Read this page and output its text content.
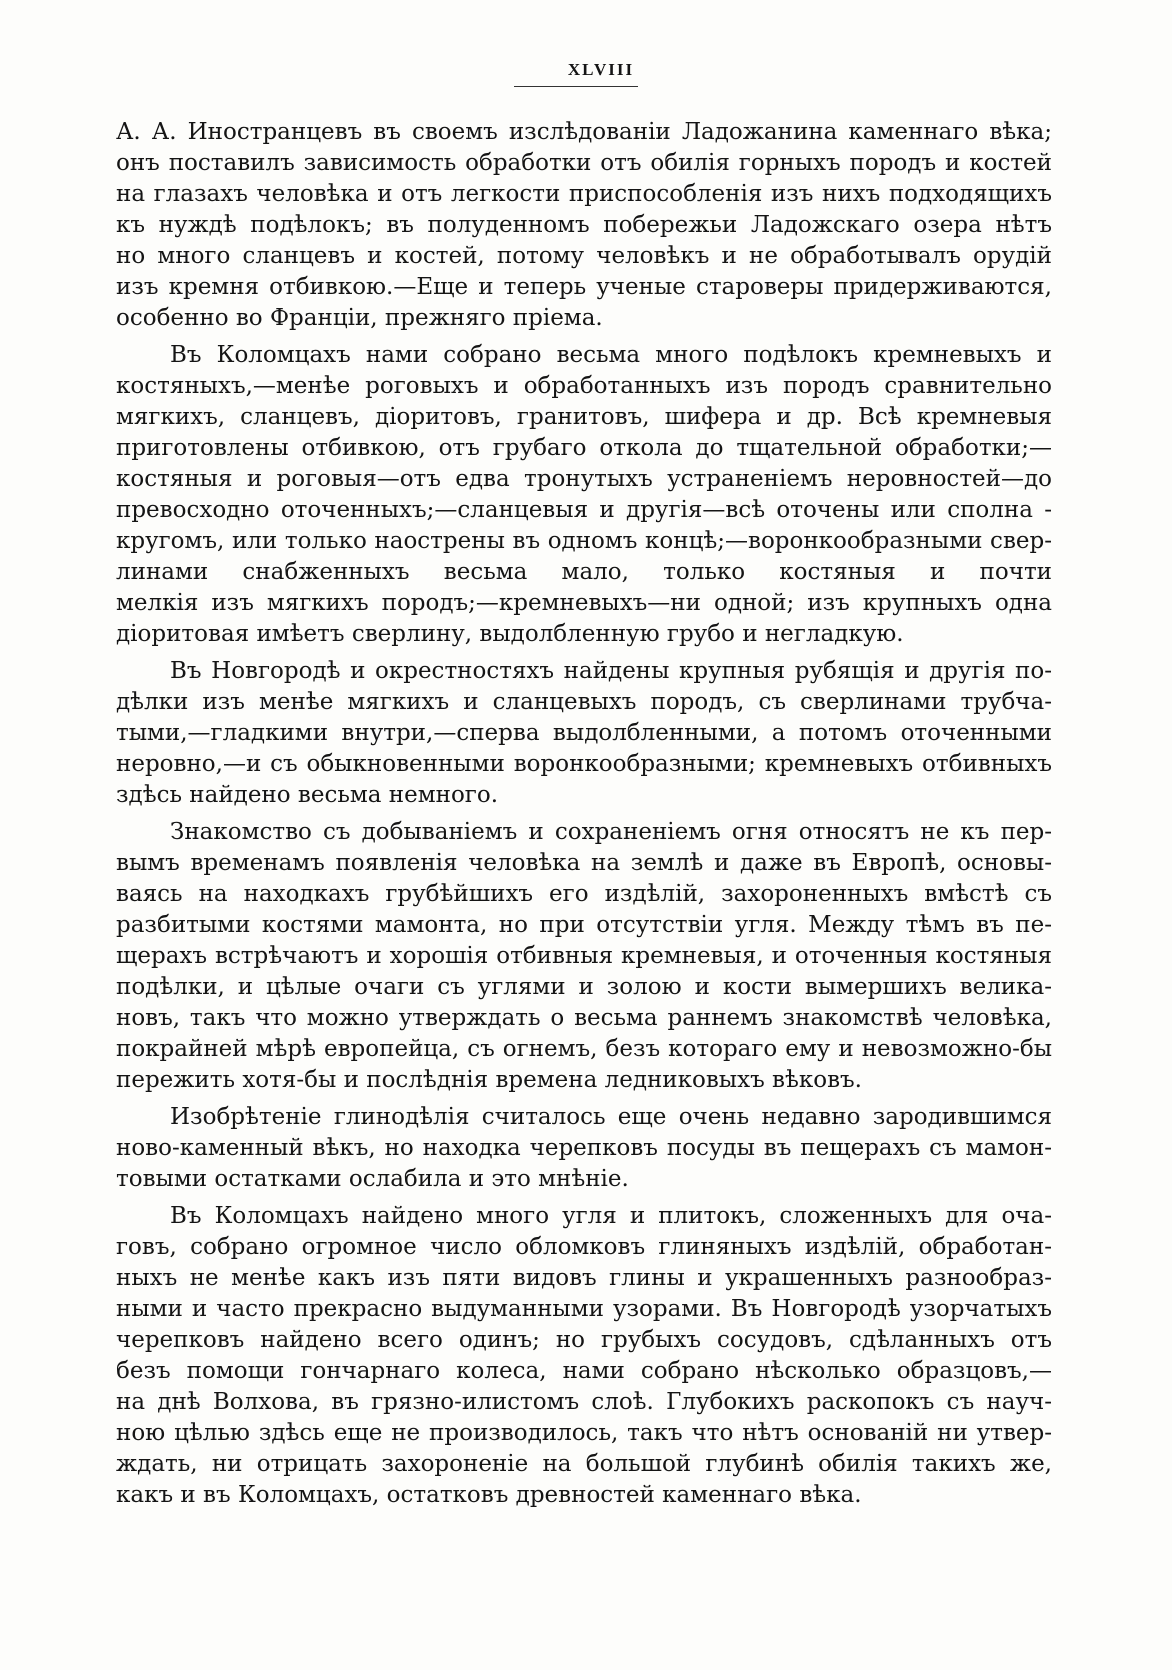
XLVIII

А. А. Иностранцевъ въ своемъ изслѣдованіи Ладожанина каменнаго вѣка;
онъ поставилъ зависимость обработки отъ обилія горныхъ породъ и костей
на глазахъ человѣка и отъ легкости приспособленія изъ нихъ подходящихъ
къ нуждѣ подѣлокъ; въ полуденномъ побережьи Ладожскаго озера нѣтъ
но много сланцевъ и костей, потому человѣкъ и не обработывалъ орудій
изъ кремня отбивкою.—Еще и теперь ученые староверы придерживаются,
особенно во Франціи, прежняго пріема.

Въ Коломцахъ нами собрано весьма много подѣлокъ кремневыхъ и
костяныхъ,—менѣе роговыхъ и обработанныхъ изъ породъ сравнительно
мягкихъ, сланцевъ, діоритовъ, гранитовъ, шифера и др. Всѣ кремневыя
приготовлены отбивкою, отъ грубаго откола до тщательной обработки;—
костяныя и роговыя—отъ едва тронутыхъ устраненіемъ неровностей—до
превосходно оточенныхъ;—сланцевыя и другія—всѣ оточены или сполна -
кругомъ, или только наострены въ одномъ концѣ;—воронкообразными свер-
линами снабженныхъ весьма мало, только костяныя и почти
мелкія изъ мягкихъ породъ;—кремневыхъ—ни одной; изъ крупныхъ одна
діоритовая имѣетъ сверлину, выдолбленную грубо и негладкую.

Въ Новгородѣ и окрестностяхъ найдены крупныя рубящія и другія по-
дѣлки изъ менѣе мягкихъ и сланцевыхъ породъ, съ сверлинами трубча-
тыми,—гладкими внутри,—сперва выдолбленными, а потомъ оточенными
неровно,—и съ обыкновенными воронкообразными; кремневыхъ отбивныхъ
здѣсь найдено весьма немного.

Знакомство съ добываніемъ и сохраненіемъ огня относятъ не къ пер-
вымъ временамъ появленія человѣка на землѣ и даже въ Европѣ, основы-
ваясь на находкахъ грубѣйшихъ его издѣлій, захороненныхъ вмѣстѣ съ
разбитыми костями мамонта, но при отсутствіи угля. Между тѣмъ въ пе-
щерахъ встрѣчаютъ и хорошія отбивныя кремневыя, и оточенныя костяныя
подѣлки, и цѣлые очаги съ углями и золою и кости вымершихъ велика-
новъ, такъ что можно утверждать о весьма раннемъ знакомствѣ человѣка,
покрайней мѣрѣ европейца, съ огнемъ, безъ котораго ему и невозможно-бы
пережить хотя-бы и послѣднія времена ледниковыхъ вѣковъ.

Изобрѣтеніе глинодѣлія считалось еще очень недавно зародившимся
ново-каменный вѣкъ, но находка черепковъ посуды въ пещерахъ съ мамон-
товыми остатками ослабила и это мнѣніе.

Въ Коломцахъ найдено много угля и плитокъ, сложенныхъ для оча-
говъ, собрано огромное число обломковъ глиняныхъ издѣлій, обработан-
ныхъ не менѣе какъ изъ пяти видовъ глины и украшенныхъ разнообраз-
ными и часто прекрасно выдуманными узорами. Въ Новгородѣ узорчатыхъ
черепковъ найдено всего одинъ; но грубыхъ сосудовъ, сдѣланныхъ отъ
безъ помощи гончарнаго колеса, нами собрано нѣсколько образцовъ,—
на днѣ Волхова, въ грязно-илистомъ слоѣ. Глубокихъ раскопокъ съ науч-
ною цѣлью здѣсь еще не производилось, такъ что нѣтъ основаній ни утвер-
ждать, ни отрицать захороненіе на большой глубинѣ обилія такихъ же,
какъ и въ Коломцахъ, остатковъ древностей каменнаго вѣка.
